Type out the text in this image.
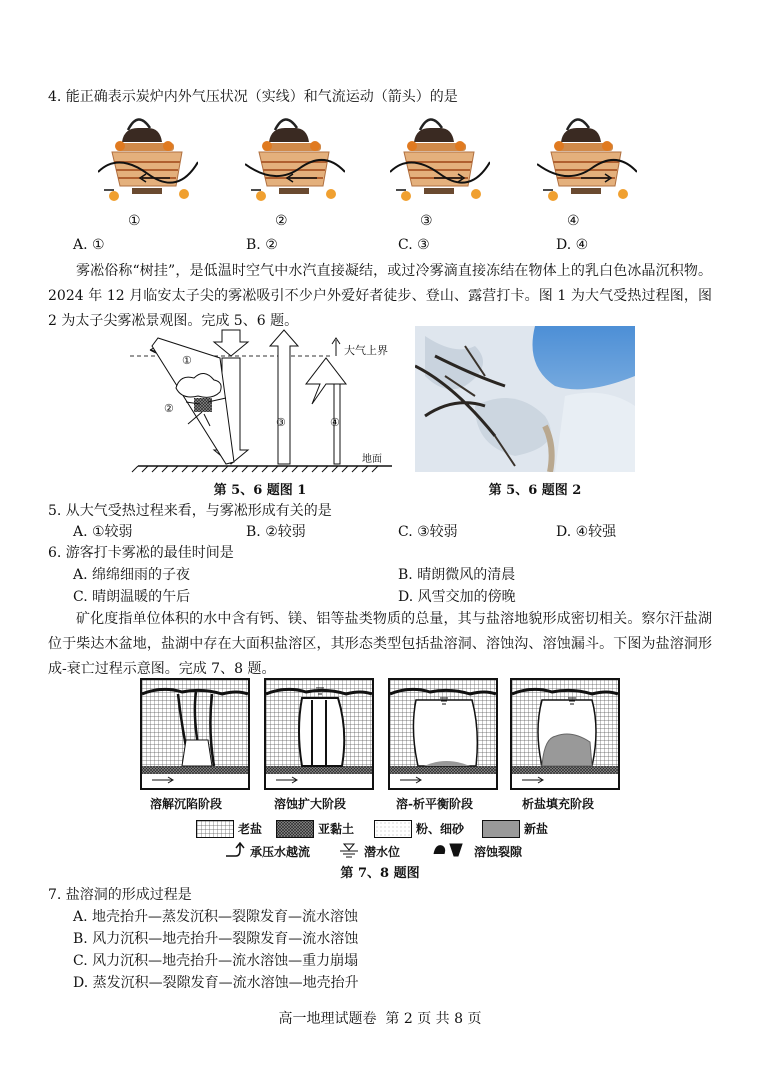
4. 能正确表示炭炉内外气压状况（实线）和气流运动（箭头）的是
①	②	③	④
A. ①	B. ②	C. ③	D. ④
雾凇俗称“树挂”，是低温时空气中水汽直接凝结，或过冷雾滴直接冻结在物体上的乳白色冰晶沉积物。2024 年 12 月临安太子尖的雾凇吸引不少户外爱好者徒步、登山、露营打卡。图 1 为大气受热过程图，图 2 为太子尖雾凇景观图。完成 5、6 题。
大气上界
地面
①
②
③	④
第 5、6 题图 1	第 5、6 题图 2
5. 从大气受热过程来看，与雾凇形成有关的是
A. ①较弱	B. ②较弱	C. ③较弱	D. ④较强
6. 游客打卡雾凇的最佳时间是
A. 绵绵细雨的子夜	B. 晴朗微风的清晨
C. 晴朗温暖的午后	D. 风雪交加的傍晚
矿化度指单位体积的水中含有钙、镁、铝等盐类物质的总量，其与盐溶地貌形成密切相关。察尔汗盐湖位于柴达木盆地，盐湖中存在大面积盐溶区，其形态类型包括盐溶洞、溶蚀沟、溶蚀漏斗。下图为盐溶洞形成-衰亡过程示意图。完成 7、8 题。
溶解沉陷阶段	溶蚀扩大阶段	溶-析平衡阶段	析盐填充阶段
老盐	亚黏土	粉、细砂	新盐
承压水越流	潜水位	溶蚀裂隙
第 7、8 题图
7. 盐溶洞的形成过程是
A. 地壳抬升—蒸发沉积—裂隙发育—流水溶蚀
B. 风力沉积—地壳抬升—裂隙发育—流水溶蚀
C. 风力沉积—地壳抬升—流水溶蚀—重力崩塌
D. 蒸发沉积—裂隙发育—流水溶蚀—地壳抬升
高一地理试题卷  第 2 页 共 8 页
